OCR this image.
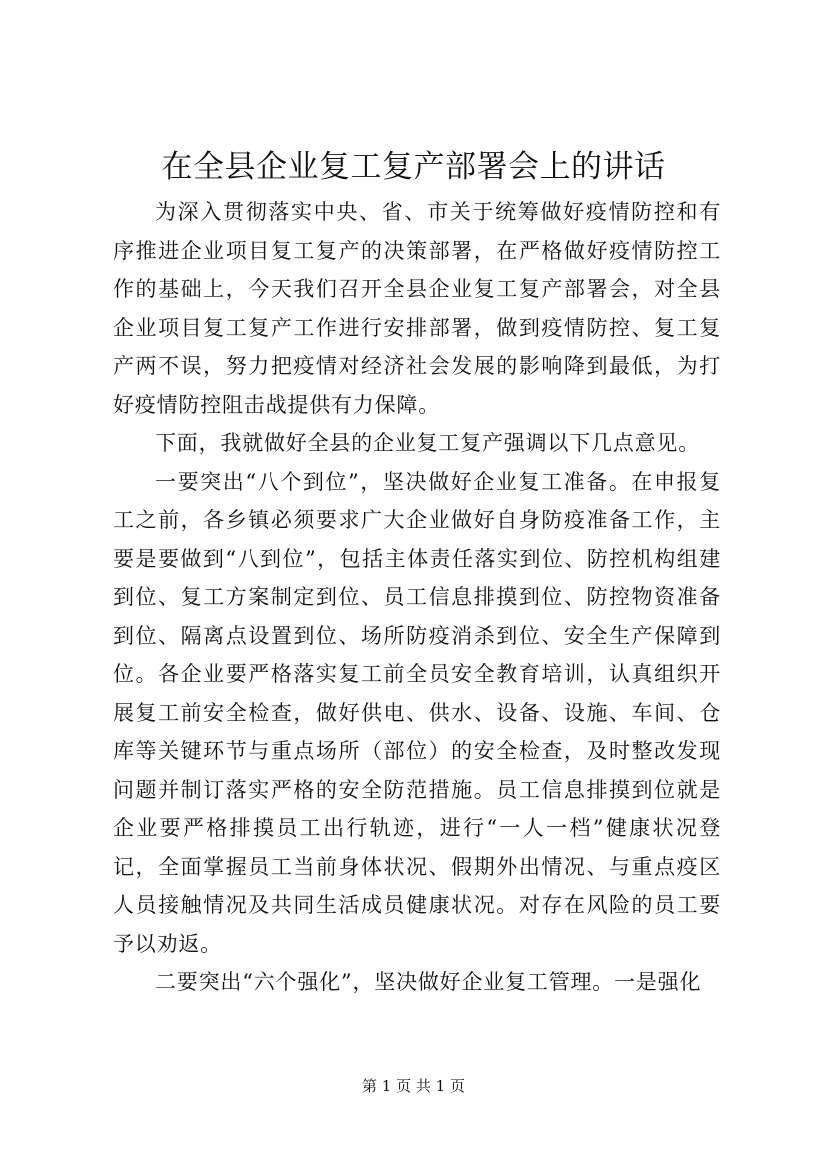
在全县企业复工复产部署会上的讲话

为深入贯彻落实中央、省、市关于统筹做好疫情防控和有序推进企业项目复工复产的决策部署，在严格做好疫情防控工作的基础上，今天我们召开全县企业复工复产部署会，对全县企业项目复工复产工作进行安排部署，做到疫情防控、复工复产两不误，努力把疫情对经济社会发展的影响降到最低，为打好疫情防控阻击战提供有力保障。

下面，我就做好全县的企业复工复产强调以下几点意见。

一要突出“八个到位”，坚决做好企业复工准备。在申报复工之前，各乡镇必须要求广大企业做好自身防疫准备工作，主要是要做到“八到位”，包括主体责任落实到位、防控机构组建到位、复工方案制定到位、员工信息排摸到位、防控物资准备到位、隔离点设置到位、场所防疫消杀到位、安全生产保障到位。各企业要严格落实复工前全员安全教育培训，认真组织开展复工前安全检查，做好供电、供水、设备、设施、车间、仓库等关键环节与重点场所（部位）的安全检查，及时整改发现问题并制订落实严格的安全防范措施。员工信息排摸到位就是企业要严格排摸员工出行轨迹，进行“一人一档”健康状况登记，全面掌握员工当前身体状况、假期外出情况、与重点疫区人员接触情况及共同生活成员健康状况。对存在风险的员工要予以劝返。

二要突出“六个强化”，坚决做好企业复工管理。一是强化

第 1 页 共 1 页
